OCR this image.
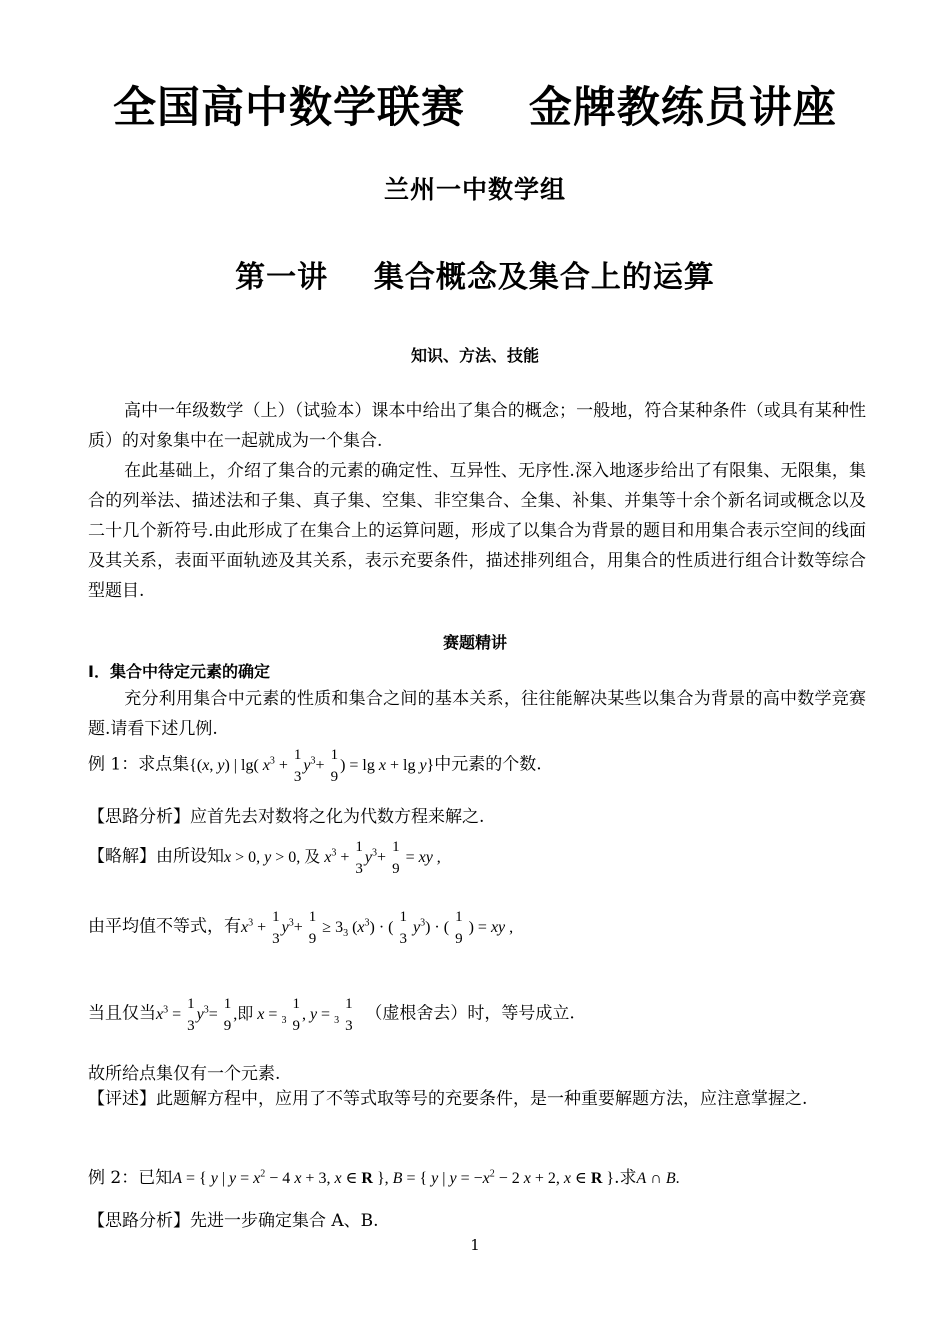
全国高中数学联赛    金牌教练员讲座
兰州一中数学组
第一讲    集合概念及集合上的运算
知识、方法、技能
高中一年级数学（上）（试验本）课本中给出了集合的概念；一般地，符合某种条件（或具有某种性质）的对象集中在一起就成为一个集合.
在此基础上，介绍了集合的元素的确定性、互异性、无序性.深入地逐步给出了有限集、无限集，集合的列举法、描述法和子集、真子集、空集、非空集合、全集、补集、并集等十余个新名词或概念以及二十几个新符号.由此形成了在集合上的运算问题，形成了以集合为背景的题目和用集合表示空间的线面及其关系，表面平面轨迹及其关系，表示充要条件，描述排列组合，用集合的性质进行组合计数等综合型题目.
赛题精讲
Ⅰ．集合中待定元素的确定
充分利用集合中元素的性质和集合之间的基本关系，往往能解决某些以集合为背景的高中数学竞赛题.请看下述几例.
例 1：求点集{(x, y) | lg( $x^3$ +
1
3
$y^3+$
1
9
) = lg x + lg y}中元素的个数.
【思路分析】应首先去对数将之化为代数方程来解之.
【略解】由所设知x > 0, y > 0, 及 $x^3$ +
1
3
$y^3+$
1
9
= xy ,
由平均值不等式，有$x^3$ +
1
3
$y^3+$
1
9
≥ $3_3$ $(x^3)$ · (
1
3
$y^3$) · (
1
9
) = xy ,
当且仅当$x^3$ =
1
3
$y^3=$
1
9
,即 x = $_3$
1
9
, y = $_3$
1
3
（虚根舍去）时，等号成立.
故所给点集仅有一个元素.
【评述】此题解方程中，应用了不等式取等号的充要条件，是一种重要解题方法，应注意掌握之.
例 2：已知A = { y | $y = x^2 - 4$ x + 3, x ∈ R }, B = { y | $y = -x^2 - 2$ x + 2, x ∈ R }.求A ∩ B.
【思路分析】先进一步确定集合 A、B.
1
